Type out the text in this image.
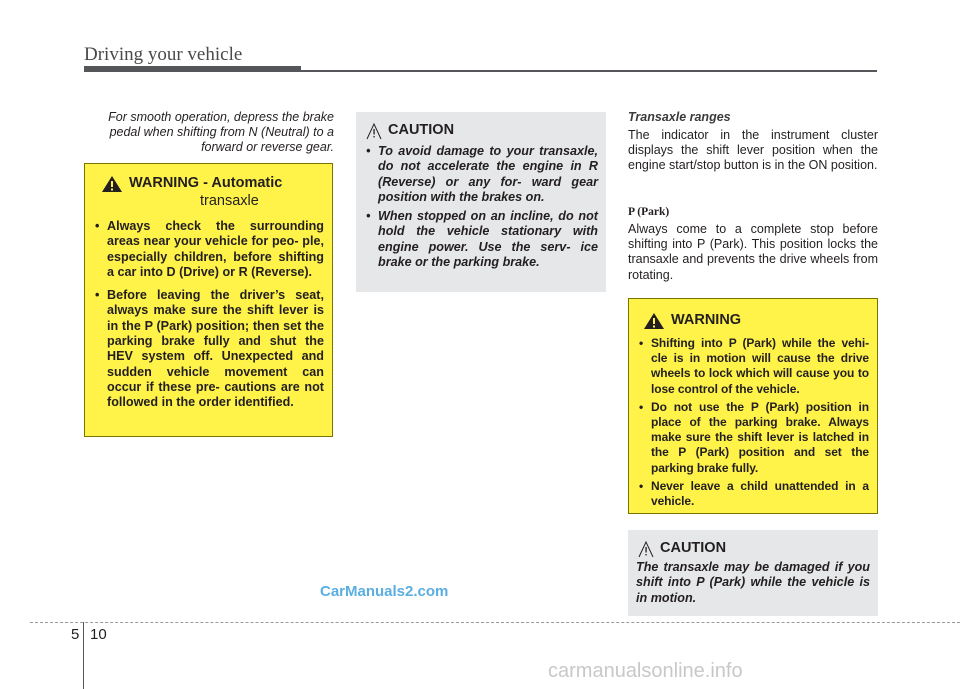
Driving your vehicle

For smooth operation, depress the brake pedal when shifting from N (Neutral) to a forward or reverse gear.

WARNING - Automatic
transaxle
• Always check the surrounding areas near your vehicle for peo- ple, especially children, before shifting a car into D (Drive) or R (Reverse).
• Before leaving the driver’s seat, always make sure the shift lever is in the P (Park) position; then set the parking brake fully and shut the HEV system off. Unexpected and sudden vehicle movement can occur if these pre- cautions are not followed in the order identified.
CAUTION
• To avoid damage to your transaxle, do not accelerate the engine in R (Reverse) or any for- ward gear position with the brakes on.
• When stopped on an incline, do not hold the vehicle stationary with engine power. Use the serv- ice brake or the parking brake.
Transaxle ranges

The indicator in the instrument cluster displays the shift lever position when the engine start/stop button is in the ON position.

P (Park)

Always come to a complete stop before shifting into P (Park). This position locks the transaxle and prevents the drive wheels from rotating.

WARNING
• Shifting into P (Park) while the vehi- cle is in motion will cause the drive wheels to lock which will cause you to lose control of the vehicle.
• Do not use the P (Park) position in place of the parking brake. Always make sure the shift lever is latched in the P (Park) position and set the parking brake fully.
• Never leave a child unattended in a vehicle.
CAUTION

The transaxle may be damaged if you shift into P (Park) while the vehicle is in motion.

CarManuals2.com
5 10
carmanualsonline.info
